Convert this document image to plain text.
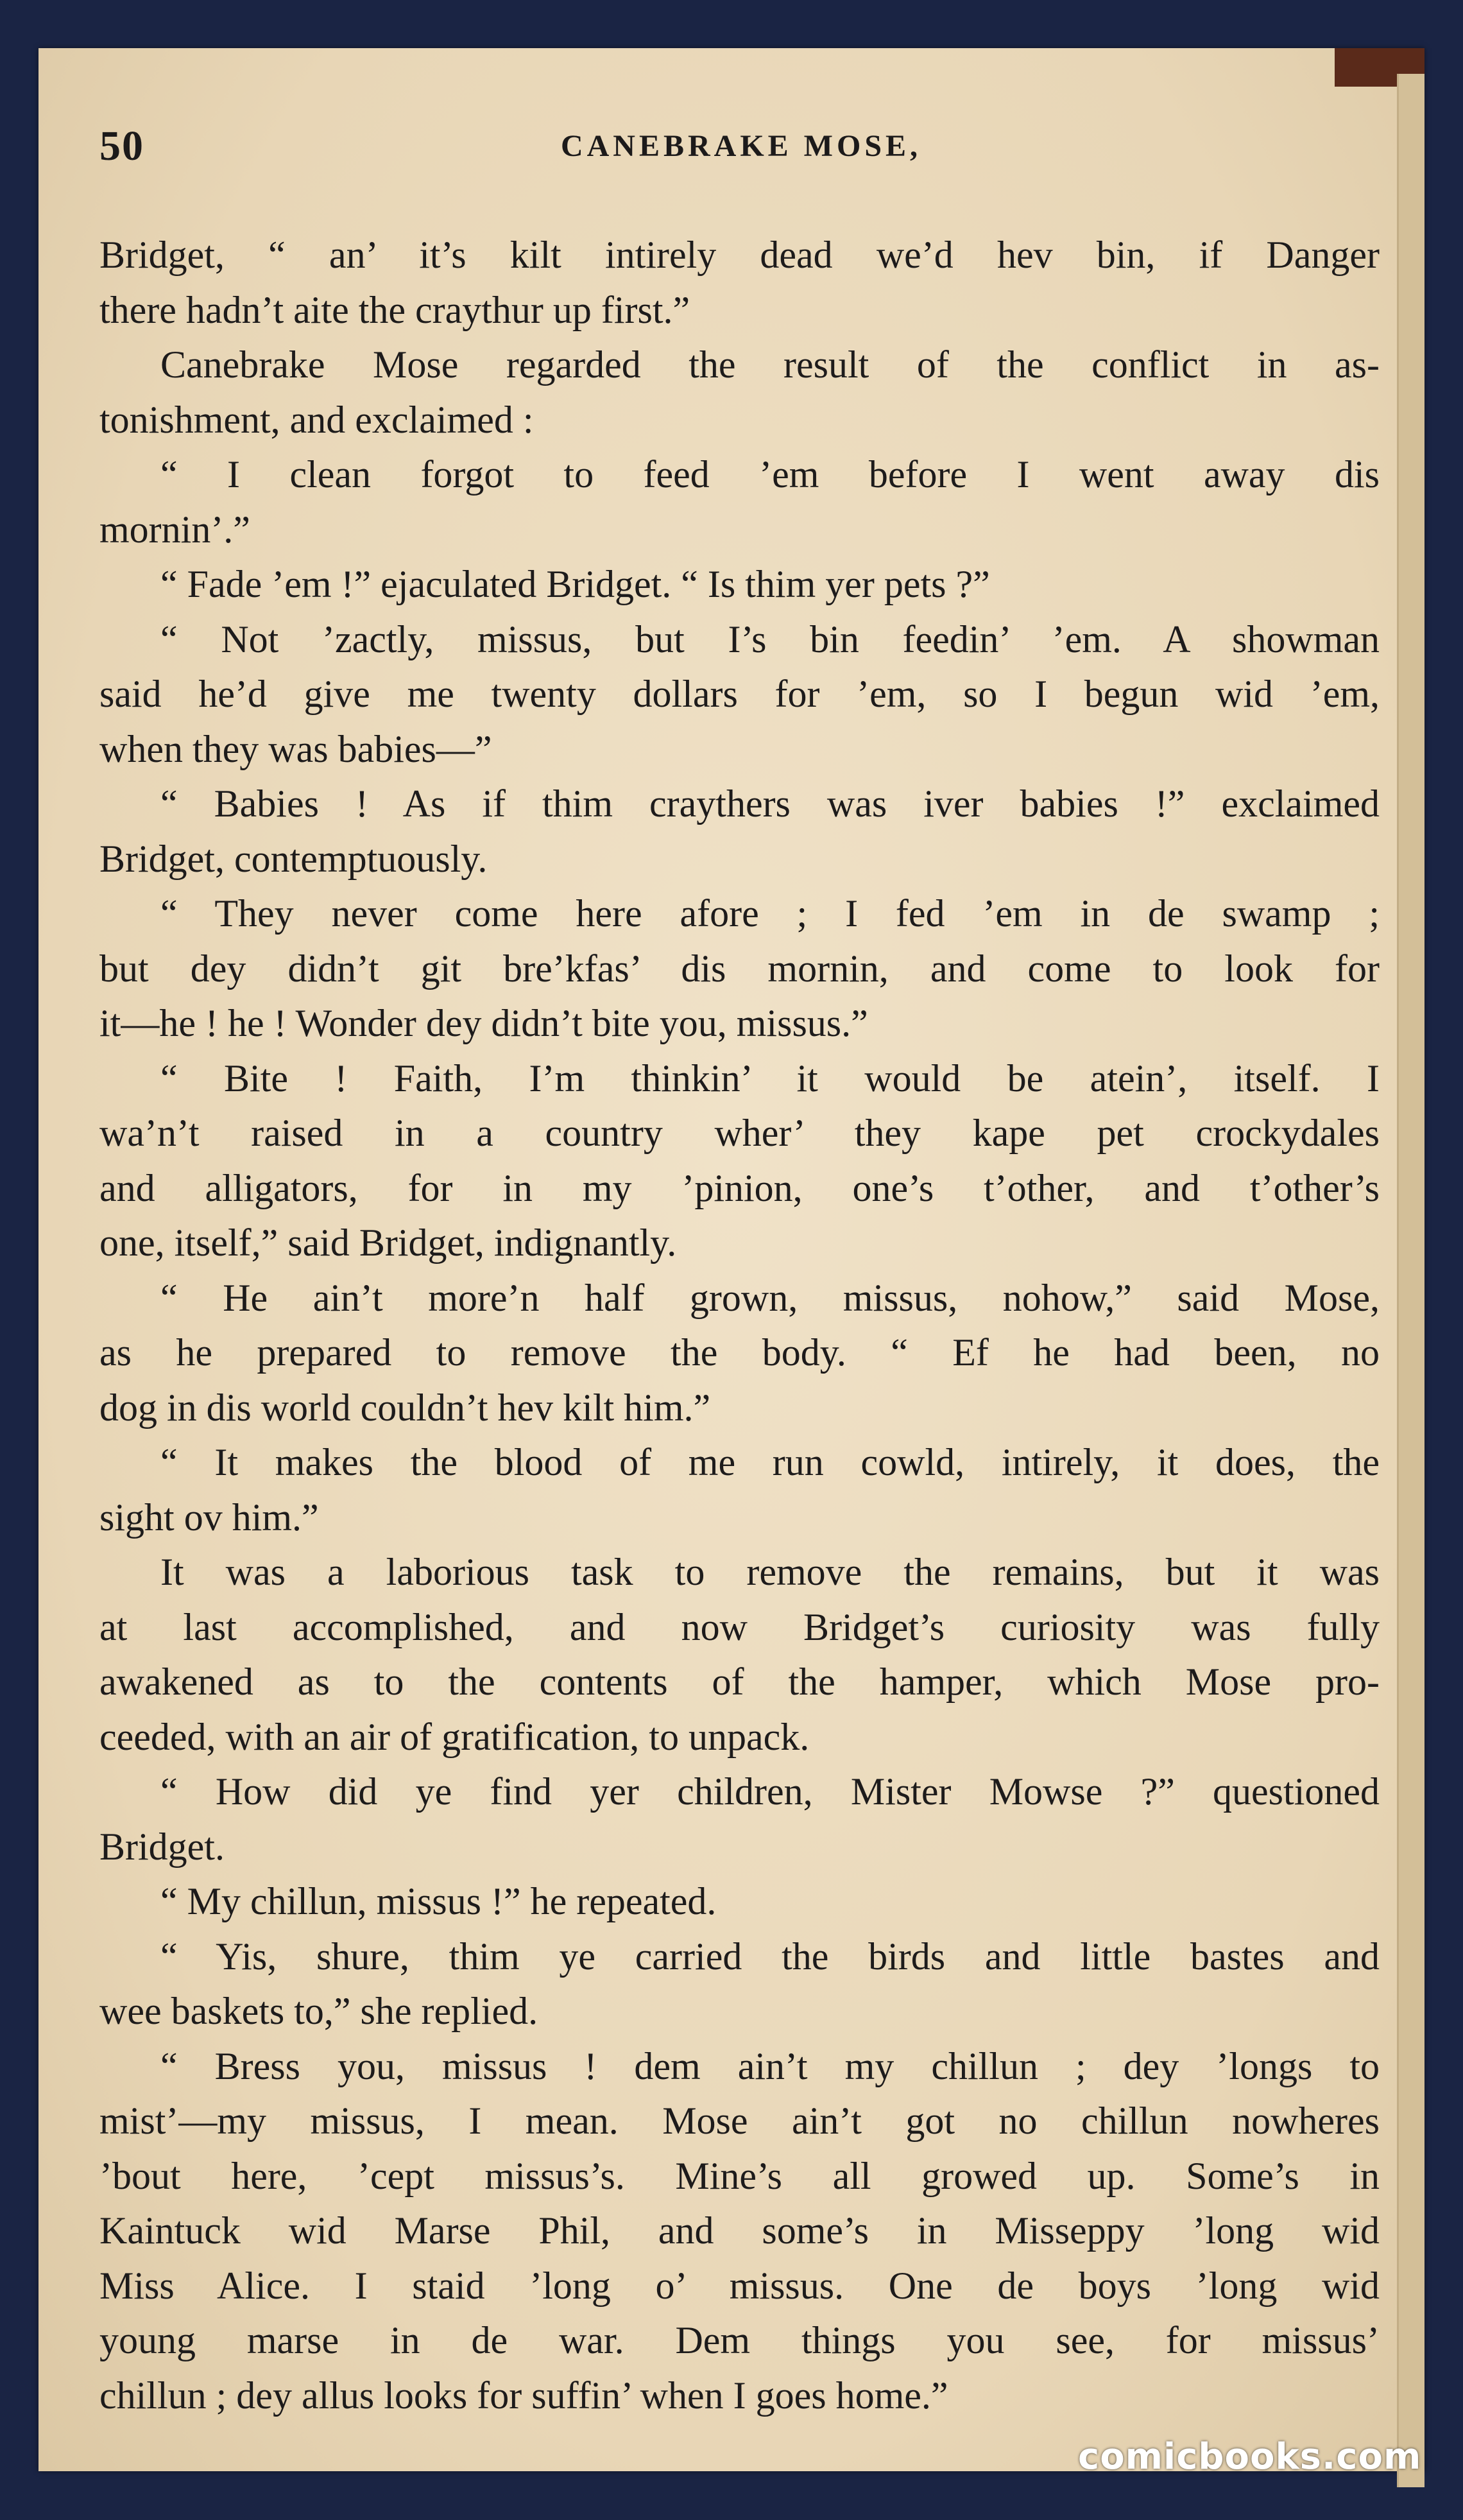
50	CANEBRAKE MOSE,
Bridget, “ an’ it’s kilt intirely dead we’d hev bin, if Danger
there hadn’t aite the craythur up first.”
Canebrake Mose regarded the result of the conflict in as-
tonishment, and exclaimed :
“ I clean forgot to feed ’em before I went away dis
mornin’.”
“ Fade ’em !” ejaculated Bridget. “ Is thim yer pets ?”
“ Not ’zactly, missus, but I’s bin feedin’ ’em. A showman
said he’d give me twenty dollars for ’em, so I begun wid ’em,
when they was babies—”
“ Babies ! As if thim craythers was iver babies !” exclaimed
Bridget, contemptuously.
“ They never come here afore ; I fed ’em in de swamp ;
but dey didn’t git bre’kfas’ dis mornin, and come to look for
it—he ! he ! Wonder dey didn’t bite you, missus.”
“ Bite ! Faith, I’m thinkin’ it would be atein’, itself. I
wa’n’t raised in a country wher’ they kape pet crockydales
and alligators, for in my ’pinion, one’s t’other, and t’other’s
one, itself,” said Bridget, indignantly.
“ He ain’t more’n half grown, missus, nohow,” said Mose,
as he prepared to remove the body. “ Ef he had been, no
dog in dis world couldn’t hev kilt him.”
“ It makes the blood of me run cowld, intirely, it does, the
sight ov him.”
It was a laborious task to remove the remains, but it was
at last accomplished, and now Bridget’s curiosity was fully
awakened as to the contents of the hamper, which Mose pro-
ceeded, with an air of gratification, to unpack.
“ How did ye find yer children, Mister Mowse ?” questioned
Bridget.
“ My chillun, missus !” he repeated.
“ Yis, shure, thim ye carried the birds and little bastes and
wee baskets to,” she replied.
“ Bress you, missus ! dem ain’t my chillun ; dey ’longs to
mist’—my missus, I mean. Mose ain’t got no chillun nowheres
’bout here, ’cept missus’s. Mine’s all growed up. Some’s in
Kaintuck wid Marse Phil, and some’s in Misseppy ’long wid
Miss Alice. I staid ’long o’ missus. One de boys ’long wid
young marse in de war. Dem things you see, for missus’
chillun ; dey allus looks for suffin’ when I goes home.”
comicbooks.com
